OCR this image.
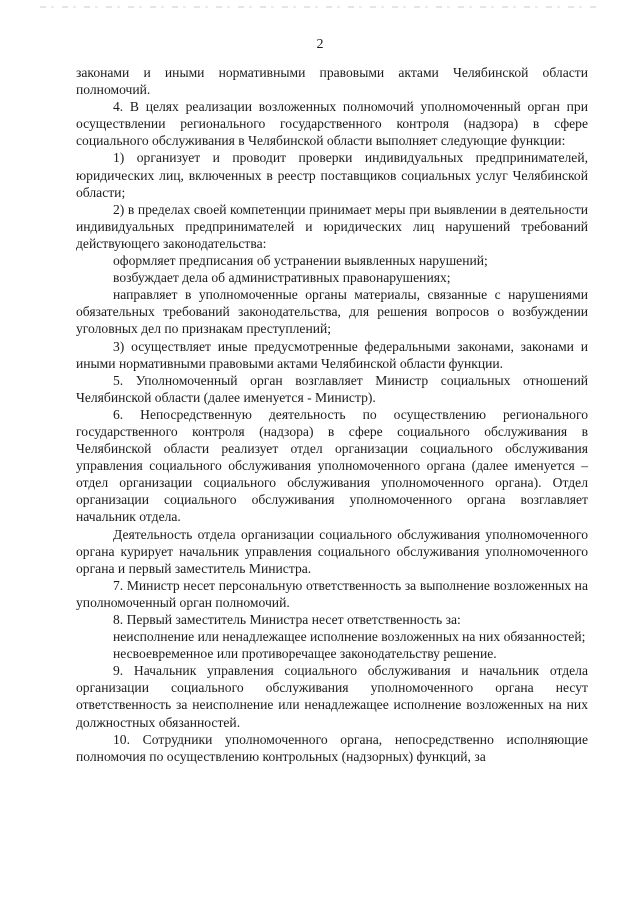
2

законами и иными нормативными правовыми актами Челябинской области полномочий.

4. В целях реализации возложенных полномочий уполномоченный орган при осуществлении регионального государственного контроля (надзора) в сфере социального обслуживания в Челябинской области выполняет следующие функции:

1) организует и проводит проверки индивидуальных предпринимателей, юридических лиц, включенных в реестр поставщиков социальных услуг Челябинской области;

2) в пределах своей компетенции принимает меры при выявлении в деятельности индивидуальных предпринимателей и юридических лиц нарушений требований действующего законодательства:

оформляет предписания об устранении выявленных нарушений;

возбуждает дела об административных правонарушениях;

направляет в уполномоченные органы материалы, связанные с нарушениями обязательных требований законодательства, для решения вопросов о возбуждении уголовных дел по признакам преступлений;

3) осуществляет иные предусмотренные федеральными законами, законами и иными нормативными правовыми актами Челябинской области функции.

5. Уполномоченный орган возглавляет Министр социальных отношений Челябинской области (далее именуется - Министр).

6. Непосредственную деятельность по осуществлению регионального государственного контроля (надзора) в сфере социального обслуживания в Челябинской области реализует отдел организации социального обслуживания управления социального обслуживания уполномоченного органа (далее именуется – отдел организации социального обслуживания уполномоченного органа). Отдел организации социального обслуживания уполномоченного органа возглавляет начальник отдела.

Деятельность отдела организации социального обслуживания уполномоченного органа курирует начальник управления социального обслуживания уполномоченного органа и первый заместитель Министра.

7. Министр несет персональную ответственность за выполнение возложенных на уполномоченный орган полномочий.

8. Первый заместитель Министра несет ответственность за:

неисполнение или ненадлежащее исполнение возложенных на них обязанностей;

несвоевременное или противоречащее законодательству решение.

9. Начальник управления социального обслуживания и начальник отдела организации социального обслуживания уполномоченного органа несут ответственность за неисполнение или ненадлежащее исполнение возложенных на них должностных обязанностей.

10. Сотрудники уполномоченного органа, непосредственно исполняющие полномочия по осуществлению контрольных (надзорных) функций, за
